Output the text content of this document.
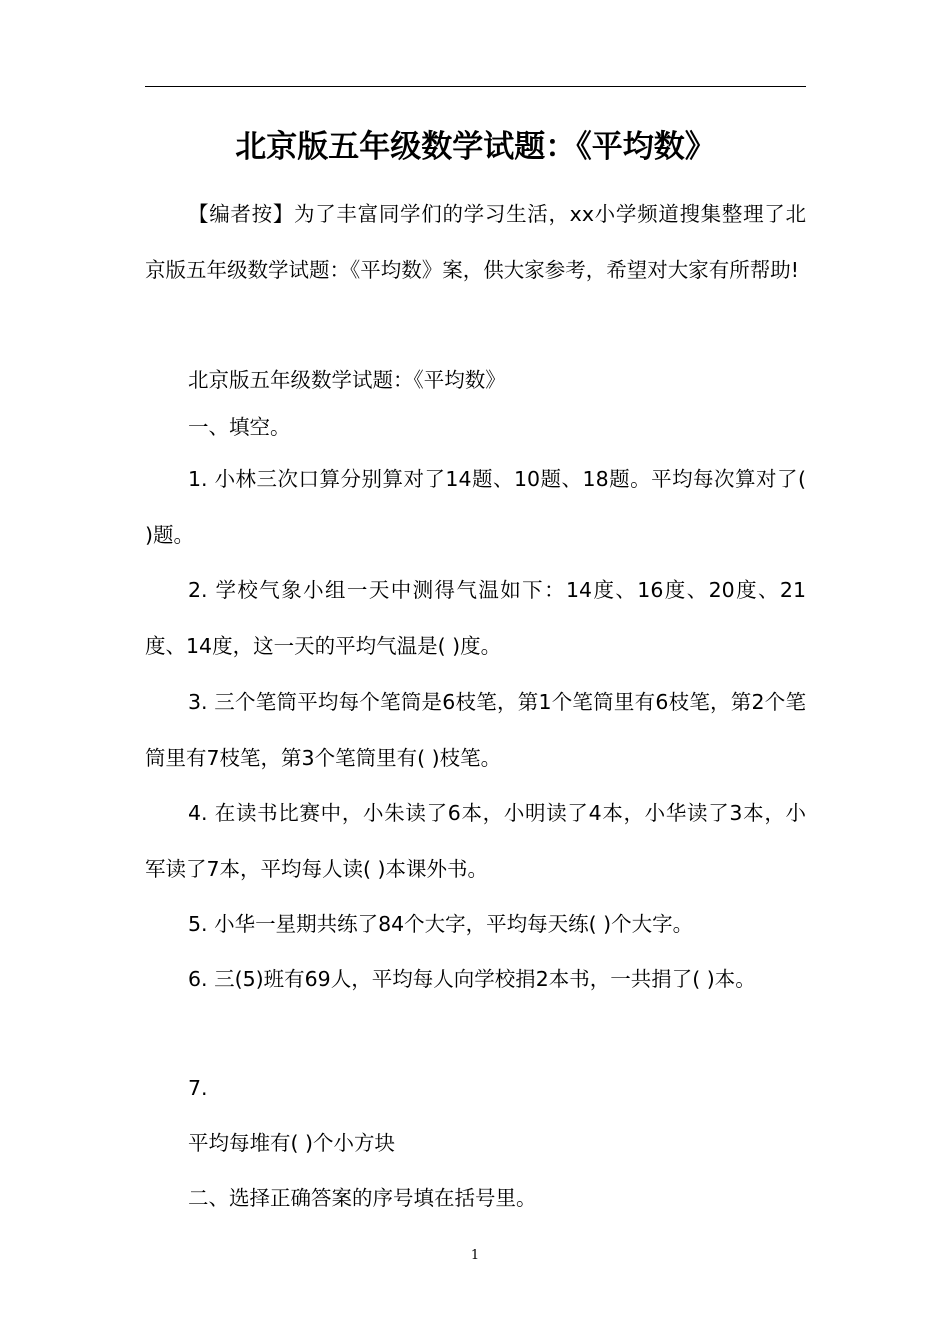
北京版五年级数学试题：《平均数》

【编者按】为了丰富同学们的学习生活，xx小学频道搜集整理了北京版五年级数学试题：《平均数》案，供大家参考，希望对大家有所帮助!

北京版五年级数学试题：《平均数》

一、填空。

1. 小林三次口算分别算对了14题、10题、18题。平均每次算对了( )题。

2. 学校气象小组一天中测得气温如下：14度、16度、20度、21度、14度，这一天的平均气温是( )度。

3. 三个笔筒平均每个笔筒是6枝笔，第1个笔筒里有6枝笔，第2个笔筒里有7枝笔，第3个笔筒里有( )枝笔。

4. 在读书比赛中，小朱读了6本，小明读了4本，小华读了3本，小军读了7本，平均每人读( )本课外书。

5. 小华一星期共练了84个大字，平均每天练( )个大字。

6. 三(5)班有69人，平均每人向学校捐2本书，一共捐了( )本。

7.

平均每堆有( )个小方块

二、选择正确答案的序号填在括号里。

1
